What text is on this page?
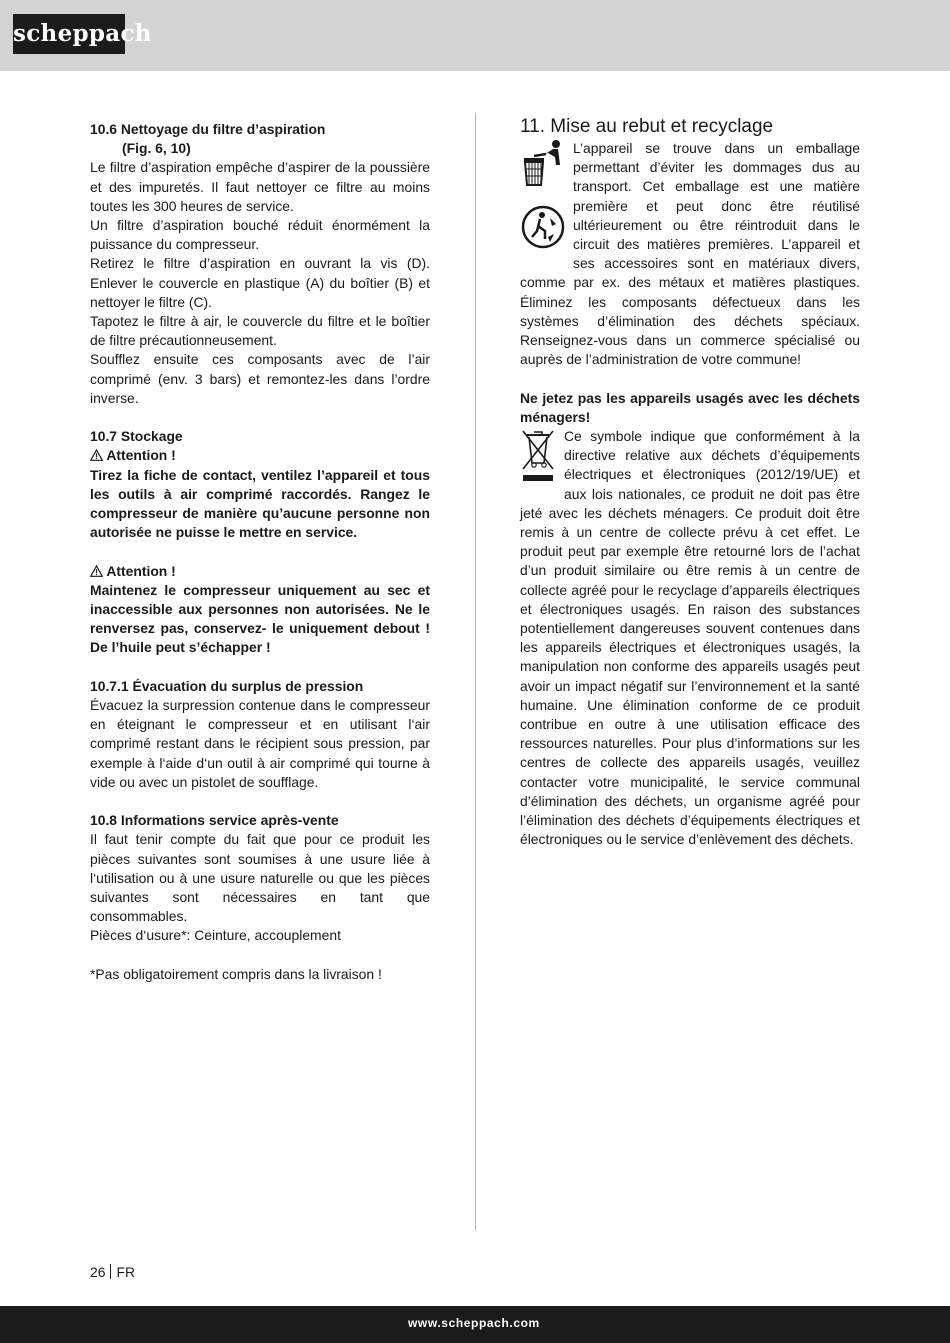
scheppach

10.6 Nettoyage du filtre d’aspiration

(Fig. 6, 10)

Le filtre d’aspiration empêche d’aspirer de la poussière et des impuretés. Il faut nettoyer ce filtre au moins toutes les 300 heures de service.

Un filtre d’aspiration bouché réduit énormément la puissance du compresseur.

Retirez le filtre d’aspiration en ouvrant la vis (D). Enlever le couvercle en plastique (A) du boîtier (B) et nettoyer le filtre (C).

Tapotez le filtre à air, le couvercle du filtre et le boîtier de filtre précautionneusement.

Soufflez ensuite ces composants avec de l’air comprimé (env. 3 bars) et remontez-les dans l’ordre inverse.

10.7 Stockage

Attention !

Tirez la fiche de contact, ventilez l’appareil et tous les outils à air comprimé raccordés. Rangez le compresseur de manière qu’aucune personne non autorisée ne puisse le mettre en service.

Attention !

Maintenez le compresseur uniquement au sec et inaccessible aux personnes non autorisées. Ne le renversez pas, conservez- le uniquement debout ! De l’huile peut s’échapper !

10.7.1 Évacuation du surplus de pression

Évacuez la surpression contenue dans le compresseur en éteignant le compresseur et en utilisant l‘air comprimé restant dans le récipient sous pression, par exemple à l‘aide d‘un outil à air comprimé qui tourne à vide ou avec un pistolet de soufflage.

10.8 Informations service après-vente

Il faut tenir compte du fait que pour ce produit les pièces suivantes sont soumises à une usure liée à l‘utilisation ou à une usure naturelle ou que les pièces suivantes sont nécessaires en tant que consommables.

Pièces d‘usure*: Ceinture, accouplement

*Pas obligatoirement compris dans la livraison !

11. Mise au rebut et recyclage

L’appareil se trouve dans un emballage permettant d’éviter les dommages dus au transport. Cet emballage est une matière première et peut donc être réutilisé ultérieurement ou être réintroduit dans le circuit des matières premières. L’appareil et ses accessoires sont en matériaux divers, comme par ex. des métaux et matières plastiques. Éliminez les composants défectueux dans les systèmes d’élimination des déchets spéciaux. Renseignez-vous dans un commerce spécialisé ou auprès de l’administration de votre commune!

Ne jetez pas les appareils usagés avec les déchets ménagers!

Ce symbole indique que conformément à la directive relative aux déchets d’équipements électriques et électroniques (2012/19/UE) et aux lois nationales, ce produit ne doit pas être jeté avec les déchets ménagers. Ce produit doit être remis à un centre de collecte prévu à cet effet. Le produit peut par exemple être retourné lors de l’achat d’un produit similaire ou être remis à un centre de collecte agréé pour le recyclage d’appareils électriques et électroniques usagés. En raison des substances potentiellement dangereuses souvent contenues dans les appareils électriques et électroniques usagés, la manipulation non conforme des appareils usagés peut avoir un impact négatif sur l’environnement et la santé humaine. Une élimination conforme de ce produit contribue en outre à une utilisation efficace des ressources naturelles. Pour plus d’informations sur les centres de collecte des appareils usagés, veuillez contacter votre municipalité, le service communal d’élimination des déchets, un organisme agréé pour l’élimination des déchets d’équipements électriques et électroniques ou le service d’enlèvement des déchets.

26 FR
www.scheppach.com
